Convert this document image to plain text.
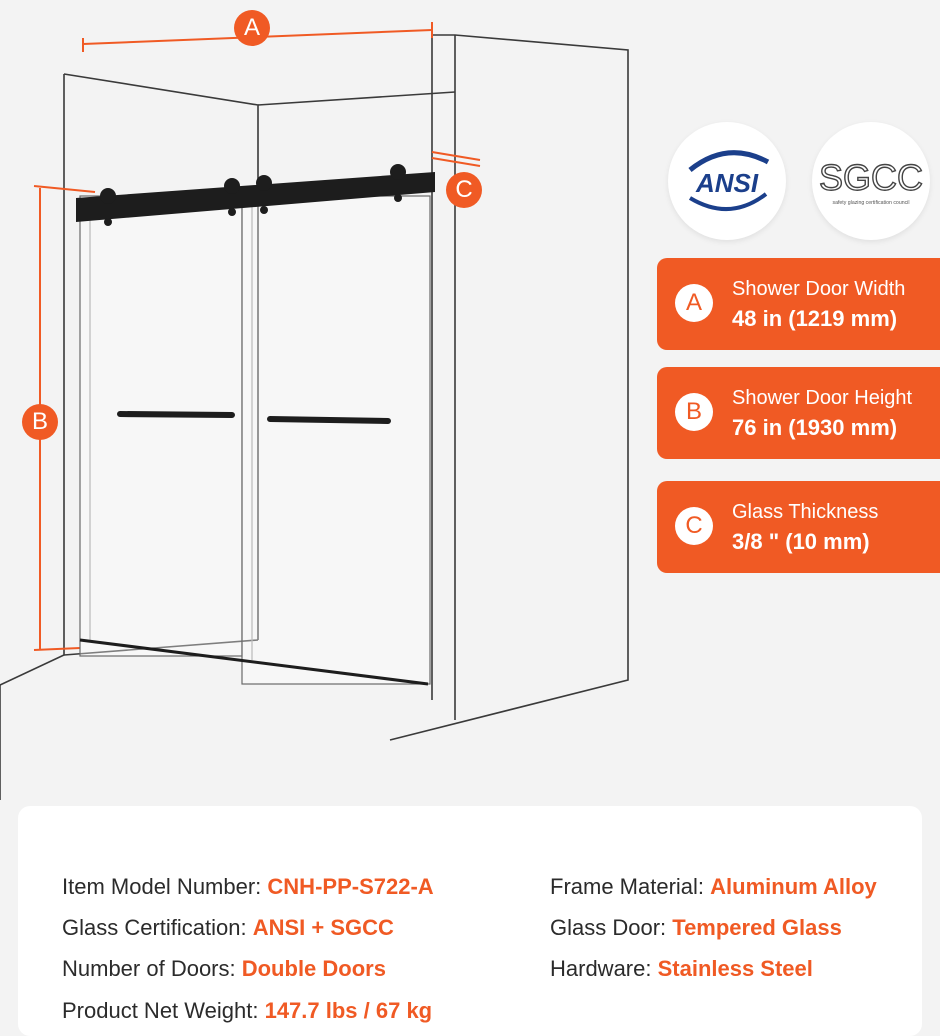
A
B
C	ANSI SGCC
safety glazing certification council
A	Shower Door Width
48 in (1219 mm)
B	Shower Door Height
76 in (1930 mm)
C	Glass Thickness
3/8 " (10 mm)
Item Model Number: CNH-PP-S722-A
Glass Certification: ANSI + SGCC
Number of Doors: Double Doors
Product Net Weight: 147.7 lbs / 67 kg
Frame Material: Aluminum Alloy
Glass Door: Tempered Glass
Hardware: Stainless Steel
